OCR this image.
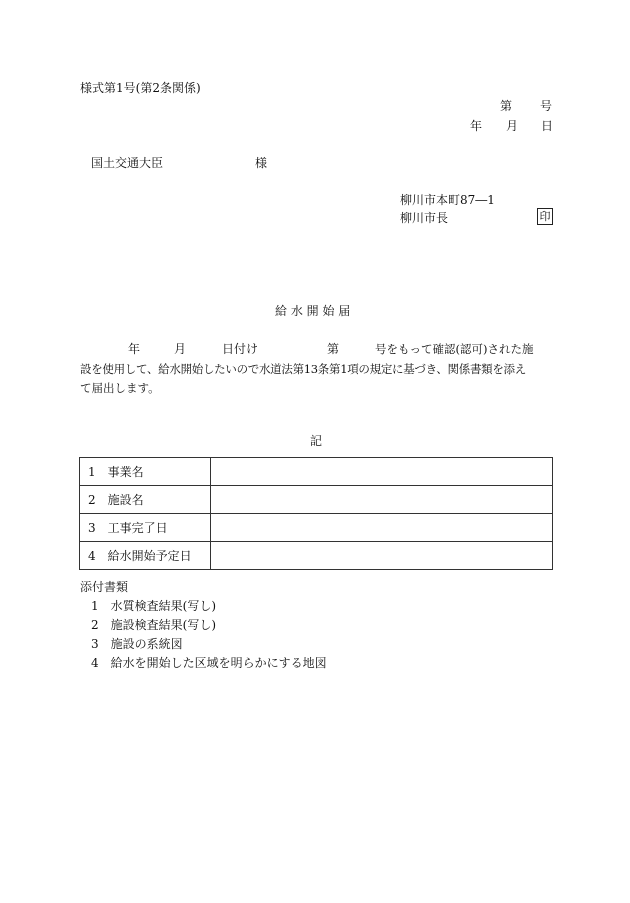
様式第1号(第2条関係)
第 号
年 月 日
国土交通大臣	様
柳川市本町87―1
柳川市長	印
給 水 開 始 届
年	月	日付け	第	号をもって確認(認可)された施
設を使用して、給水開始したいので水道法第13条第1項の規定に基づき、関係書類を添え
て届出します。
記
1　事業名	
2　施設名	
3　工事完了日	
4　給水開始予定日	
添付書類
1　水質検査結果(写し)
2　施設検査結果(写し)
3　施設の系統図
4　給水を開始した区域を明らかにする地図
